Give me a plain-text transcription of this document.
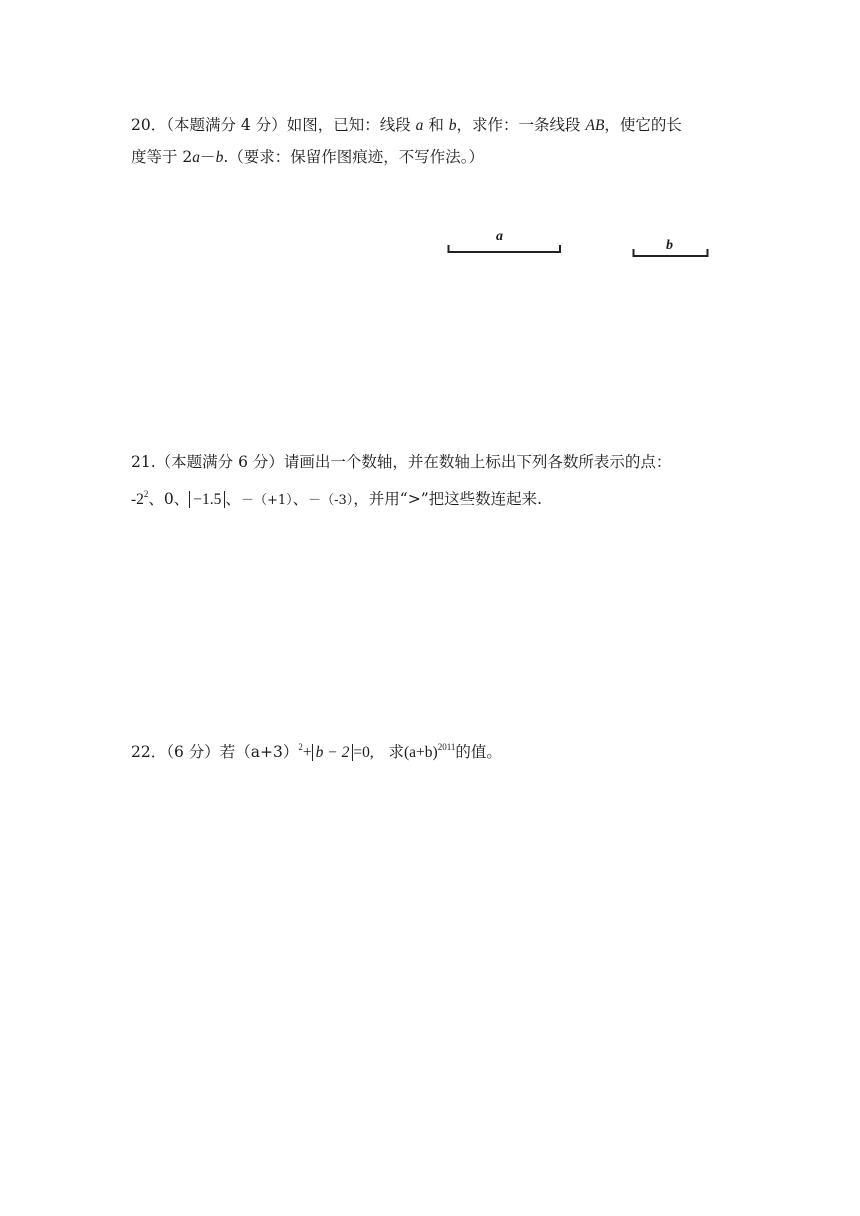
20．（本题满分 4 分）如图，已知：线段 a 和 b，求作：一条线段 AB，使它的长
度等于 2a－b.（要求：保留作图痕迹，不写作法。）
a
b
21.（本题满分 6 分）请画出一个数轴，并在数轴上标出下列各数所表示的点：
$-2^2$、0、 −1.5 、－（+1）、－（-3），并用“>”把这些数连起来.
22．（6 分）若$(a+3)^2+ b - 2 =0$, 求$(a+b)^{2011}$的值。
